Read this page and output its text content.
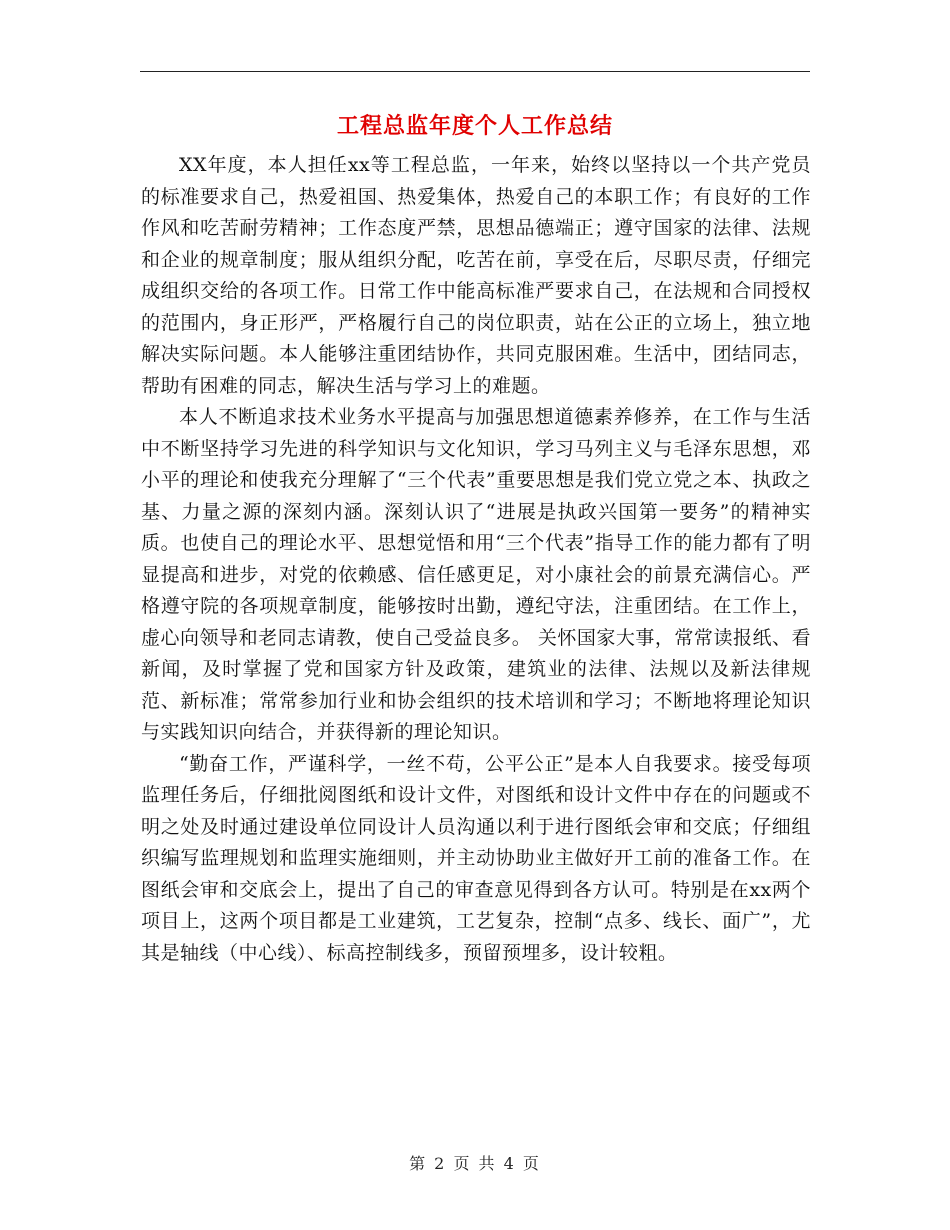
工程总监年度个人工作总结

XX年度，本人担任xx等工程总监，一年来，始终以坚持以一个共产党员的标准要求自己，热爱祖国、热爱集体，热爱自己的本职工作；有良好的工作作风和吃苦耐劳精神；工作态度严禁，思想品德端正；遵守国家的法律、法规和企业的规章制度；服从组织分配，吃苦在前，享受在后，尽职尽责，仔细完成组织交给的各项工作。日常工作中能高标准严要求自己，在法规和合同授权的范围内，身正形严，严格履行自己的岗位职责，站在公正的立场上，独立地解决实际问题。本人能够注重团结协作，共同克服困难。生活中，团结同志，帮助有困难的同志，解决生活与学习上的难题。

本人不断追求技术业务水平提高与加强思想道德素养修养，在工作与生活中不断坚持学习先进的科学知识与文化知识，学习马列主义与毛泽东思想，邓小平的理论和使我充分理解了“三个代表”重要思想是我们党立党之本、执政之基、力量之源的深刻内涵。深刻认识了“进展是执政兴国第一要务”的精神实质。也使自己的理论水平、思想觉悟和用“三个代表”指导工作的能力都有了明显提高和进步，对党的依赖感、信任感更足，对小康社会的前景充满信心。严格遵守院的各项规章制度，能够按时出勤，遵纪守法，注重团结。在工作上，虚心向领导和老同志请教，使自己受益良多。 关怀国家大事，常常读报纸、看新闻，及时掌握了党和国家方针及政策，建筑业的法律、法规以及新法律规范、新标准；常常参加行业和协会组织的技术培训和学习；不断地将理论知识与实践知识向结合，并获得新的理论知识。

“勤奋工作，严谨科学，一丝不苟，公平公正”是本人自我要求。接受每项监理任务后，仔细批阅图纸和设计文件，对图纸和设计文件中存在的问题或不明之处及时通过建设单位同设计人员沟通以利于进行图纸会审和交底；仔细组织编写监理规划和监理实施细则，并主动协助业主做好开工前的准备工作。在图纸会审和交底会上，提出了自己的审查意见得到各方认可。特别是在xx两个项目上，这两个项目都是工业建筑，工艺复杂，控制“点多、线长、面广”，尤其是轴线（中心线）、标高控制线多，预留预埋多，设计较粗。

第 2 页 共 4 页
